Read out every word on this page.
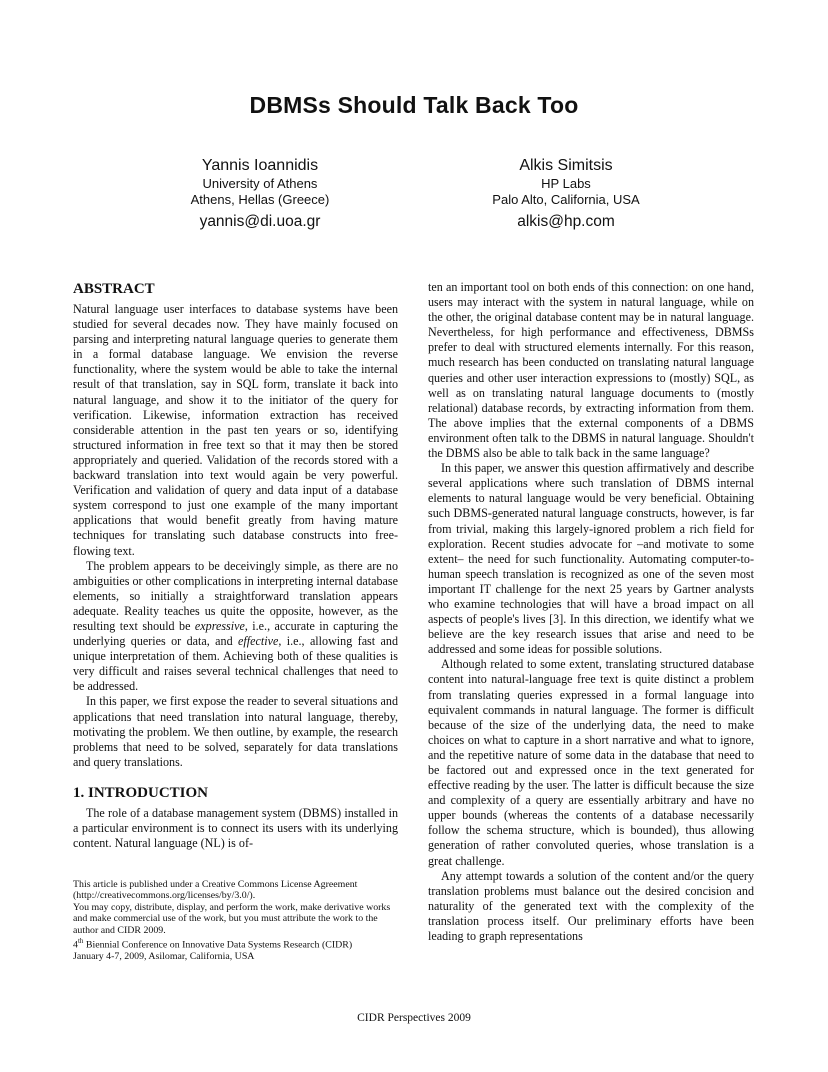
DBMSs Should Talk Back Too
Yannis Ioannidis
University of Athens
Athens, Hellas (Greece)
yannis@di.uoa.gr
Alkis Simitsis
HP Labs
Palo Alto, California, USA
alkis@hp.com
ABSTRACT

Natural language user interfaces to database systems have been studied for several decades now. They have mainly focused on parsing and interpreting natural language queries to generate them in a formal database language. We envision the reverse functionality, where the system would be able to take the internal result of that translation, say in SQL form, translate it back into natural language, and show it to the initiator of the query for verification. Likewise, information extraction has received considerable attention in the past ten years or so, identifying structured information in free text so that it may then be stored appropriately and queried. Validation of the records stored with a backward translation into text would again be very powerful. Verification and validation of query and data input of a database system correspond to just one example of the many important applications that would benefit greatly from having mature techniques for translating such database constructs into free-flowing text.

The problem appears to be deceivingly simple, as there are no ambiguities or other complications in interpreting internal database elements, so initially a straightforward translation appears adequate. Reality teaches us quite the opposite, however, as the resulting text should be expressive, i.e., accurate in capturing the underlying queries or data, and effective, i.e., allowing fast and unique interpretation of them. Achieving both of these qualities is very difficult and raises several technical challenges that need to be addressed.

In this paper, we first expose the reader to several situations and applications that need translation into natural language, thereby, motivating the problem. We then outline, by example, the research problems that need to be solved, separately for data translations and query translations.

1. INTRODUCTION

The role of a database management system (DBMS) installed in a particular environment is to connect its users with its underlying content. Natural language (NL) is of-

This article is published under a Creative Commons License Agreement (http://creativecommons.org/licenses/by/3.0/).
You may copy, distribute, display, and perform the work, make derivative works and make commercial use of the work, but you must attribute the work to the author and CIDR 2009.
4th Biennial Conference on Innovative Data Systems Research (CIDR)
January 4-7, 2009, Asilomar, California, USA

ten an important tool on both ends of this connection: on one hand, users may interact with the system in natural language, while on the other, the original database content may be in natural language. Nevertheless, for high performance and effectiveness, DBMSs prefer to deal with structured elements internally. For this reason, much research has been conducted on translating natural language queries and other user interaction expressions to (mostly) SQL, as well as on translating natural language documents to (mostly relational) database records, by extracting information from them. The above implies that the external components of a DBMS environment often talk to the DBMS in natural language. Shouldn't the DBMS also be able to talk back in the same language?

In this paper, we answer this question affirmatively and describe several applications where such translation of DBMS internal elements to natural language would be very beneficial. Obtaining such DBMS-generated natural language constructs, however, is far from trivial, making this largely-ignored problem a rich field for exploration. Recent studies advocate for –and motivate to some extent– the need for such functionality. Automating computer-to-human speech translation is recognized as one of the seven most important IT challenge for the next 25 years by Gartner analysts who examine technologies that will have a broad impact on all aspects of people's lives [3]. In this direction, we identify what we believe are the key research issues that arise and need to be addressed and some ideas for possible solutions.

Although related to some extent, translating structured database content into natural-language free text is quite distinct a problem from translating queries expressed in a formal language into equivalent commands in natural language. The former is difficult because of the size of the underlying data, the need to make choices on what to capture in a short narrative and what to ignore, and the repetitive nature of some data in the database that need to be factored out and expressed once in the text generated for effective reading by the user. The latter is difficult because the size and complexity of a query are essentially arbitrary and have no upper bounds (whereas the contents of a database necessarily follow the schema structure, which is bounded), thus allowing generation of rather convoluted queries, whose translation is a great challenge.

Any attempt towards a solution of the content and/or the query translation problems must balance out the desired concision and naturality of the generated text with the complexity of the translation process itself. Our preliminary efforts have been leading to graph representations

CIDR Perspectives 2009
